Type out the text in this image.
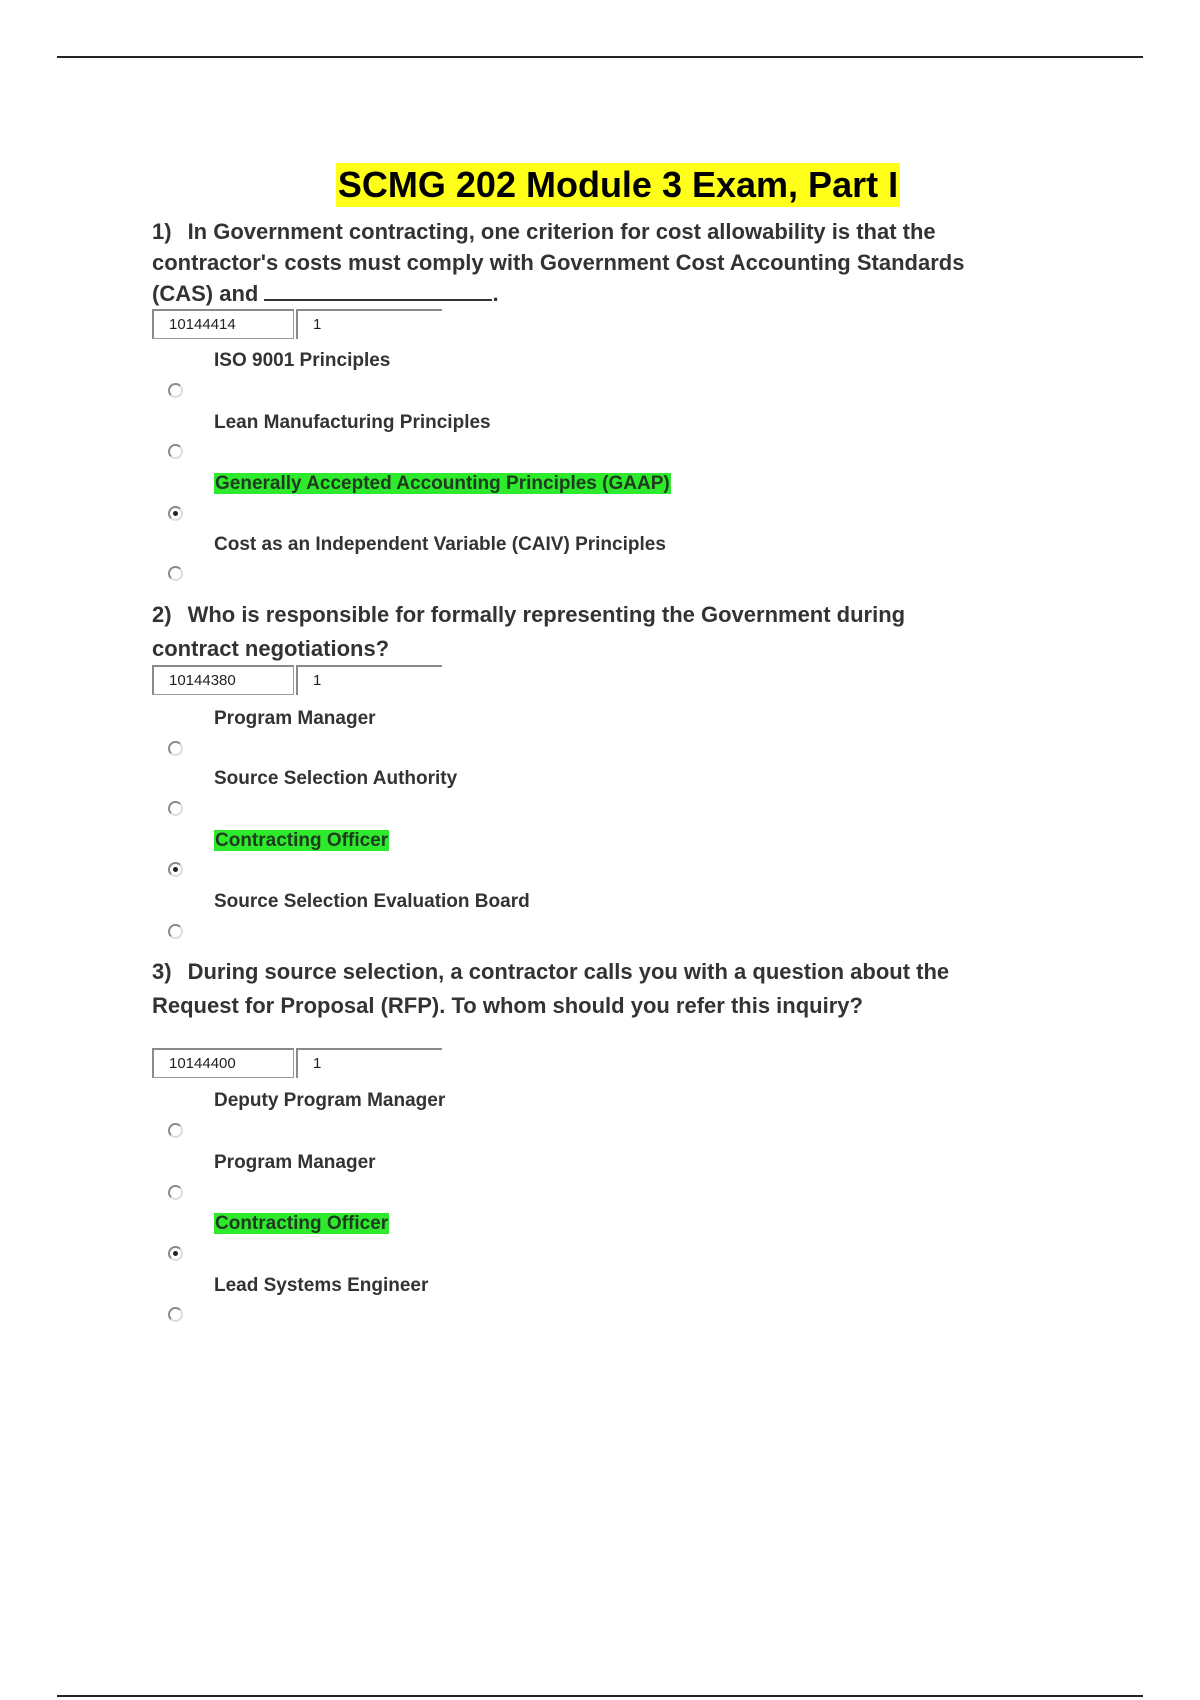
SCMG 202 Module 3 Exam, Part I
1) In Government contracting, one criterion for cost allowability is that the
contractor's costs must comply with Government Cost Accounting Standards
(CAS) and	.
10144414	1
ISO 9001 Principles
Lean Manufacturing Principles
Generally Accepted Accounting Principles (GAAP)
Cost as an Independent Variable (CAIV) Principles
2) Who is responsible for formally representing the Government during
contract negotiations?
10144380	1
Program Manager
Source Selection Authority
Contracting Officer
Source Selection Evaluation Board
3) During source selection, a contractor calls you with a question about the
Request for Proposal (RFP). To whom should you refer this inquiry?
10144400	1
Deputy Program Manager
Program Manager
Contracting Officer
Lead Systems Engineer
